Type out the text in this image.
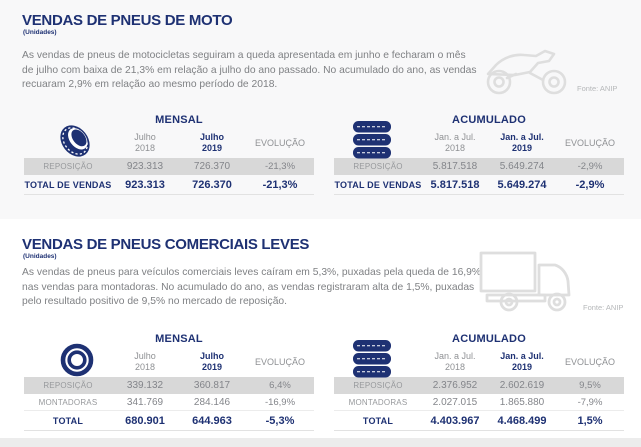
VENDAS DE PNEUS DE MOTO
(Unidades)
As vendas de pneus de motocicletas seguiram a queda apresentada em junho e fecharam o mês
de julho com baixa de 21,3% em relação a julho do ano passado. No acumulado do ano, as vendas
recuaram 2,9% em relação ao mesmo período de 2018.	Fonte: ANIP
MENSAL
Julho
2018
Julho
2019
EVOLUÇÃO
REPOSIÇÃO	923.313	726.370	-21,3%
TOTAL DE VENDAS	923.313	726.370	-21,3%
ACUMULADO
Jan. a Jul.
2018
Jan. a Jul.
2019
EVOLUÇÃO
REPOSIÇÃO	5.817.518	5.649.274	-2,9%
TOTAL DE VENDAS 5.817.518	5.649.274	-2,9%
VENDAS DE PNEUS COMERCIAIS LEVES
(Unidades)
As vendas de pneus para veículos comerciais leves caíram em 5,3%, puxadas pela queda de 16,9%
nas vendas para montadoras. No acumulado do ano, as vendas registraram alta de 1,5%, puxadas
pelo resultado positivo de 9,5% no mercado de reposição.
Fonte: ANIP
MENSAL
Julho
2018
Julho
2019
EVOLUÇÃO
REPOSIÇÃO	339.132	360.817	6,4%
MONTADORAS	341.769	284.146	-16,9%
TOTAL	680.901	644.963	-5,3%
ACUMULADO
Jan. a Jul.
2018
Jan. a Jul.
2019
EVOLUÇÃO
REPOSIÇÃO	2.376.952	2.602.619	9,5%
MONTADORAS	2.027.015	1.865.880	-7,9%
TOTAL	4.403.967	4.468.499	1,5%
